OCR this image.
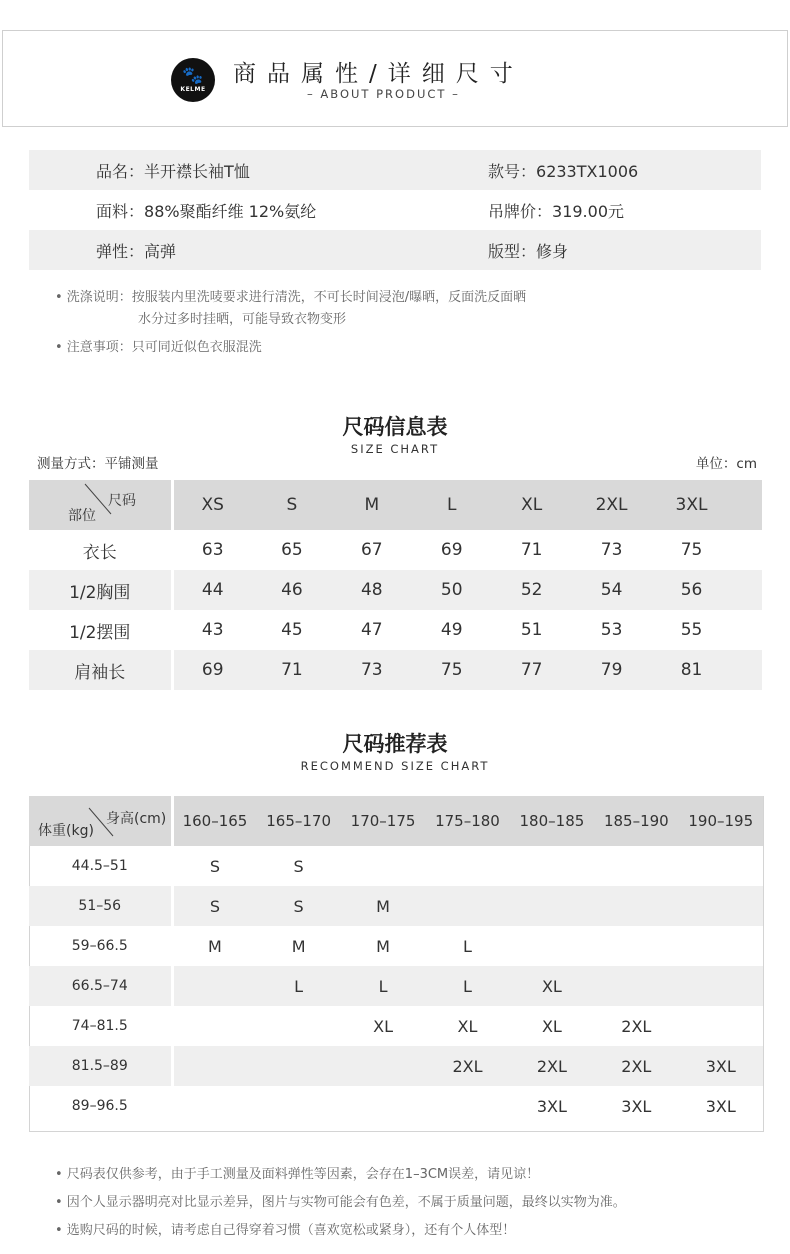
🐾
KELME
商品属性/详细尺寸
– ABOUT PRODUCT –
品名：半开襟长袖T恤	款号：6233TX1006
面料：88%聚酯纤维 12%氨纶	吊牌价：319.00元
弹性：高弹	版型：修身
• 洗涤说明：按服装内里洗唛要求进行清洗，不可长时间浸泡/曝晒，反面洗反面晒
水分过多时挂晒，可能导致衣物变形
• 注意事项：只可同近似色衣服混洗
尺码信息表
SIZE CHART
测量方式：平铺测量	单位：cm
尺码
部位	XS	S	M	L	XL	2XL	3XL	
衣长	63	65	67	69	71	73	75	
1/2胸围	44	46	48	50	52	54	56	
1/2摆围	43	45	47	49	51	53	55	
肩袖长	69	71	73	75	77	79	81	
尺码推荐表
RECOMMEND SIZE CHART
身高(cm)
体重(kg)	160–165	165–170	170–175	175–180	180–185	185–190	190–195
44.5–51	S	S					
51–56	S	S	M				
59–66.5	M	M	M	L			
66.5–74		L	L	L	XL		
74–81.5			XL	XL	XL	2XL	
81.5–89				2XL	2XL	2XL	3XL
89–96.5					3XL	3XL	3XL
• 尺码表仅供参考，由于手工测量及面料弹性等因素，会存在1–3CM误差，请见谅！
• 因个人显示器明亮对比显示差异，图片与实物可能会有色差，不属于质量问题，最终以实物为准。
• 选购尺码的时候，请考虑自己得穿着习惯（喜欢宽松或紧身），还有个人体型！
